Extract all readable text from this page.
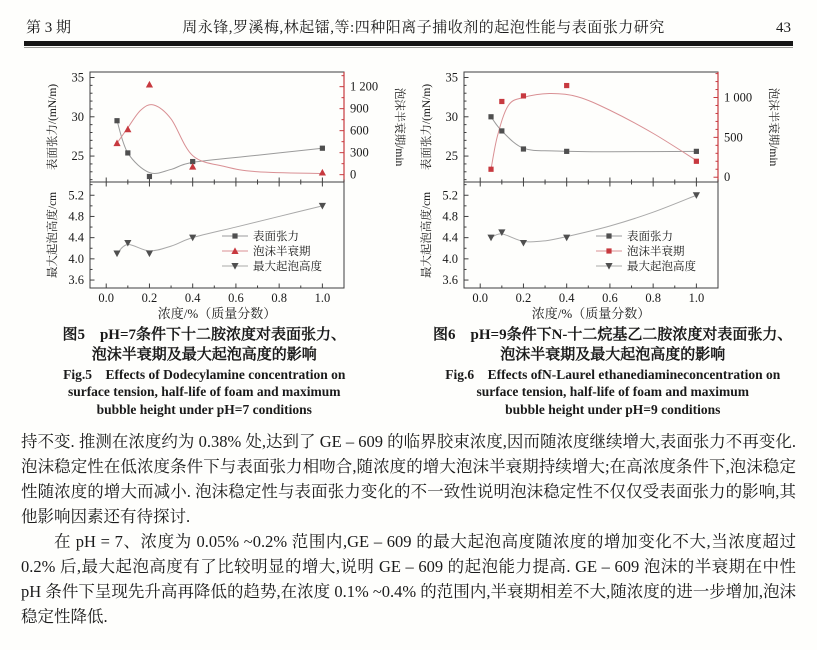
第 3 期	周永锋,罗溪梅,林起镭,等:四种阳离子捕收剂的起泡性能与表面张力研究	43
0.0 0.2 0.4 0.6 0.8 1.0
25
30
35
0
300
600
900
1 200
3.6
4.0
4.4
4.8
5.2
表面张力/(mN/m)
最大起泡高度/cm
泡沫半衰期/min
浓度/%（质量分数）
表面张力
泡沫半衰期
最大起泡高度
0.0 0.2 0.4 0.6 0.8 1.0
25
30
35
0
500
1 000
3.6
4.0
4.4
4.8
5.2
表面张力/(mN/m)
最大起泡高度/cm
泡沫半衰期/min
浓度/%（质量分数）
表面张力
泡沫半衰期
最大起泡高度
图5　pH=7条件下十二胺浓度对表面张力、
泡沫半衰期及最大起泡高度的影响
Fig.5　Effects of Dodecylamine concentration on
surface tension, half-life of foam and maximum
bubble height under pH=7 conditions
图6　pH=9条件下N-十二烷基乙二胺浓度对表面张力、
泡沫半衰期及最大起泡高度的影响
Fig.6　Effects ofN-Laurel ethanediamineconcentration on
surface tension, half-life of foam and maximum
bubble height under pH=9 conditions

持不变. 推测在浓度约为 0.38% 处,达到了 GE – 609 的临界胶束浓度,因而随浓度继续增大,表面张力不再变化. 泡沫稳定性在低浓度条件下与表面张力相吻合,随浓度的增大泡沫半衰期持续增大;在高浓度条件下,泡沫稳定性随浓度的增大而减小. 泡沫稳定性与表面张力变化的不一致性说明泡沫稳定性不仅仅受表面张力的影响,其他影响因素还有待探讨.

在 pH = 7、浓度为 0.05% ~0.2% 范围内,GE – 609 的最大起泡高度随浓度的增加变化不大,当浓度超过 0.2% 后,最大起泡高度有了比较明显的增大,说明 GE – 609 的起泡能力提高. GE – 609 泡沫的半衰期在中性 pH 条件下呈现先升高再降低的趋势,在浓度 0.1% ~0.4% 的范围内,半衰期相差不大,随浓度的进一步增加,泡沫稳定性降低.
